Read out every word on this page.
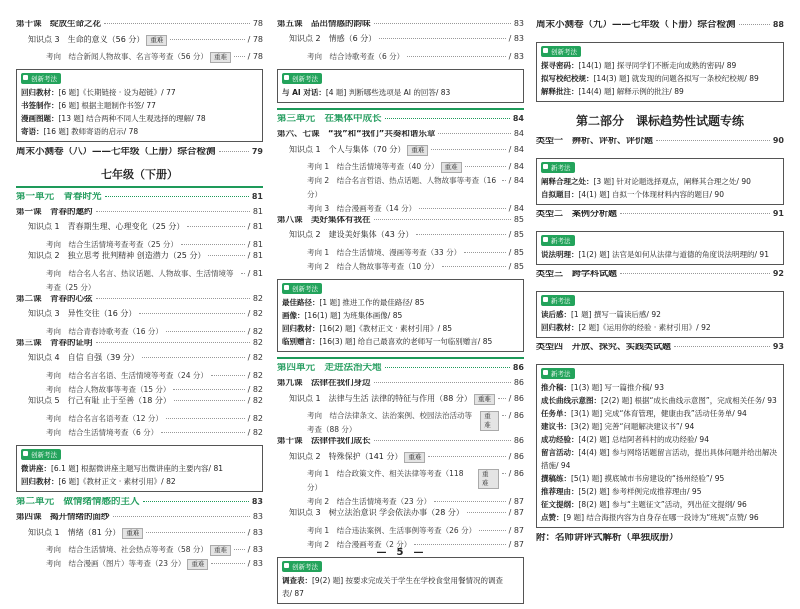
第十课　绽放生命之花	78
知识点 3　生命的意义（56 分） 重难	/ 78
考向　结合新闻人物故事、名言等考查（56 分） 重难	/ 78
创新考法
回归教材：[6 题]《长期链接 · 设为超链》/ 77
书签制作：[6 题] 根据主题制作书签/ 77
漫画图题：[13 题] 结合两种不同人生观选择的理解/ 78
寄语：[16 题] 教师寄语的启示/ 78
周末小测卷（八）——七年级（上册）综合检测	79
七年级（下册）
第一单元　青春时光	81
第一课　青春的邀约	81
知识点 1　青春期生理、心理变化（25 分）	/ 81
考向　结合生活情境考查考查（25 分）	/ 81
知识点 2　独立思考 批判精神 创造潜力（25 分）	/ 81
考向　结合名人名言、热议话题、人物故事、生活情境等考查（25 分）
/ 81
第二课　青春的心弦	82
知识点 3　异性交往（16 分）	/ 82
考向　结合青春诗歌考查（16 分）	/ 82
第三课　青春的证明	82
知识点 4　自信 自强（39 分）	/ 82
考向　结合名言名语、生活情境等考查（24 分）	/ 82
考向　结合人物故事等考查（15 分）	/ 82
知识点 5　行己有耻 止于至善（18 分）	/ 82
考向　结合名言名语考查（12 分）	/ 82
考向　结合生活情境考查（6 分）	/ 82
创新考法
微讲座：[6.1 题] 根据微讲座主题写出微讲座的主要内容/ 81
回归教材：[6 题]《教材正文 · 素材引用》/ 82
第二单元　做情绪情感的主人	83
第四课　揭开情绪的面纱	83
知识点 1　情绪（81 分） 重难	/ 83
考向　结合生活情境、社会热点等考查（58 分） 重难	/ 83
考向　结合漫画（图片）等考查（23 分） 重难	/ 83
第五课　品出情感的韵味	83
知识点 2　情感（6 分）	/ 83
考向　结合诗歌考查（6 分）	/ 83
创新考法
与 AI 对话：[4 题] 判断哪些选项是 AI 的回答/ 83
第三单元　在集体中成长	84
第六、七课　“我”和“我们”共奏和谐乐章	84
知识点 1　个人与集体（70 分） 重难	/ 84
考向 1　结合生活情境等考查（40 分） 重难	/ 84
考向 2　结合名言哲语、热点话题、人物故事等考查（16 分）
/ 84
考向 3　结合漫画考查（14 分）	/ 84
第八课　美好集体有我在	85
知识点 2　建设美好集体（43 分）	/ 85
考向 1　结合生活情境、漫画等考查（33 分）	/ 85
考向 2　结合人物故事等考查（10 分）	/ 85
创新考法
最佳路径：[1 题] 推进工作的最佳路径/ 85
画像：[16(1) 题] 为班集体画像/ 85
回归教材：[16(2) 题]《教材正文 · 素材引用》/ 85
临别赠言：[16(3) 题] 给自己最喜欢的老师写一句临别赠言/ 85
第四单元　走进法治天地	86
第九课　法律在我们身边	86
知识点 1　法律与生活 法律的特征与作用（88 分） 重难	/ 86
考向　结合法律条文、法治案例、校园法治活动等考查（88 分）
重难
/ 86
第十课　法律伴我们成长	86
知识点 2　特殊保护（141 分） 重难	/ 86
考向 1　结合政策文件、相关法律等考查（118 分）
重难
/ 86
考向 2　结合生活情境考查（23 分）	/ 87
知识点 3　树立法治意识 学会依法办事（28 分）	/ 87
考向 1　结合违法案例、生活事例等考查（26 分）	/ 87
考向 2　结合漫画考查（2 分）	/ 87
创新考法
调查表：[9(2) 题] 按要求完成关于学生在学校食堂用餐情况的调查表/ 87
周末小测卷（九）——七年级（下册）综合检测	88
创新考法
探寻密码：[14(1) 题] 探寻同学们不断走向成熟的密码/ 89
拟写校纪校规：[14(3) 题] 就发现的问题各拟写一条校纪校规/ 89
解释批注：[14(4) 题] 解释示例的批注/ 89
第二部分　课标趋势性试题专练
类型一　辨析、评析、评价题	90
新考法
阐释合理之处：[3 题] 针对论题选择观点，阐释其合理之处/ 90
自拟题目：[4(1) 题] 自拟一个体现材料内容的题目/ 90
类型二　案例分析题	91
新考法
说法明理：[1(2) 题] 法官是如何从法律与道德的角度说法明理的/ 91
类型三　跨学科试题	92
新考法
读后感：[1 题] 撰写一篇读后感/ 92
回归教材：[2 题]《运用你的经验 · 素材引用》/ 92
类型四　开放、探究、实践类试题	93
新考法
推介稿：[1(3) 题] 写一篇推介稿/ 93
成长曲线示意图：[2(2) 题] 根据“成长曲线示意图”，完成相关任务/ 93
任务单：[3(1) 题] 完成“体育管理，健康由我”活动任务单/ 94
建议书：[3(2) 题] 完善“问题解决建议书”/ 94
成功经验：[4(2) 题] 总结阿者科村的成功经验/ 94
留言活动：[4(4) 题] 参与网络话题留言活动，提出具体问题并给出解决措施/ 94
撰稿练：[5(1) 题] 摸底城市书房建设的“扬州经验”/ 95
推荐理由：[5(2) 题] 参考样例完成推荐理由/ 95
征文提纲：[8(2) 题] 参与“主题征文”活动，列出征文提纲/ 96
点赞：[9 题] 结合海报内容为自身存在哪一段诗为“班规”点赞/ 96
附：名师讲评式解析（单独成册）
— 5 —
